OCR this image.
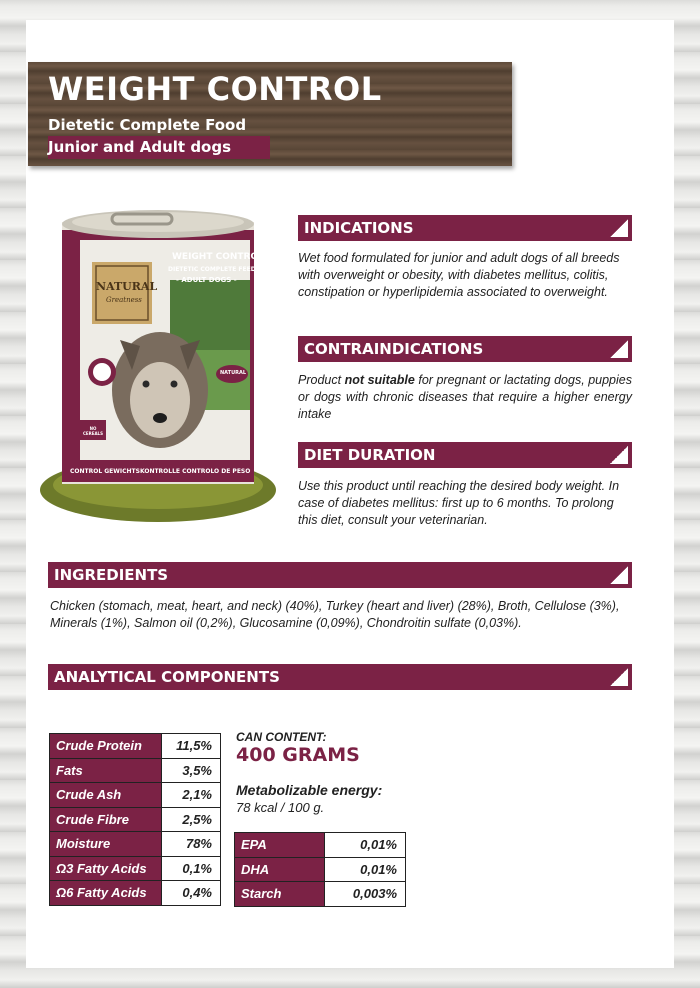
WEIGHT CONTROL
Dietetic Complete Food
Junior and Adult dogs
WEIGHT CONTROL
DIETETIC COMPLETE FEED
- ADULT DOGS -
NATURAL
Greatness
NATURAL
NO CEREALS
CONTROL GEWICHTSKONTROLLE CONTROLO DE PESO
INDICATIONS
Wet food formulated for junior and adult dogs of all breeds with overweight or obesity, with diabetes mellitus, colitis, constipation or hyperlipidemia associated to overweight.
CONTRAINDICATIONS
Product not suitable for pregnant or lactating dogs, puppies or dogs with chronic diseases that require a higher energy intake
DIET DURATION
Use this product until reaching the desired body weight. In case of diabetes mellitus: first up to 6 months. To prolong this diet, consult your veterinarian.
INGREDIENTS
Chicken (stomach, meat, heart, and neck) (40%), Turkey (heart and liver) (28%), Broth, Cellulose (3%), Minerals (1%), Salmon oil (0,2%), Glucosamine (0,09%), Chondroitin sulfate (0,03%).
ANALYTICAL COMPONENTS
Crude Protein	11,5%
Fats	3,5%
Crude Ash	2,1%
Crude Fibre	2,5%
Moisture	78%
Ω3 Fatty Acids	0,1%
Ω6 Fatty Acids	0,4%
CAN CONTENT:
400 GRAMS
Metabolizable energy:
78 kcal / 100 g.
EPA	0,01%
DHA	0,01%
Starch	0,003%
